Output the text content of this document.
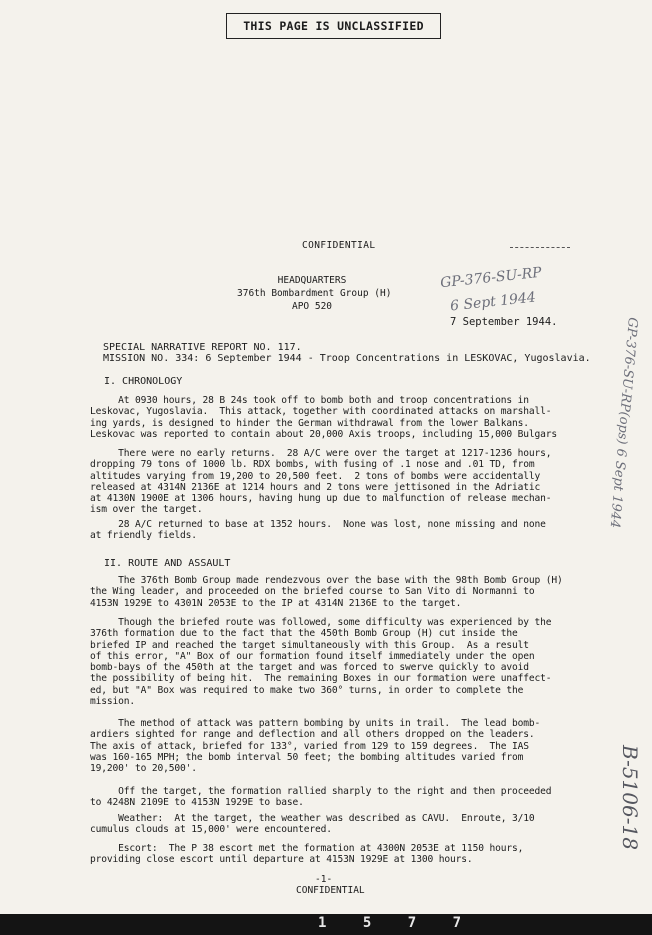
THIS PAGE IS UNCLASSIFIED
CONFIDENTIAL
HEADQUARTERS
376th Bombardment Group (H)
APO 520
GP-376-SU-RP
6 Sept 1944
7 September 1944.
SPECIAL NARRATIVE REPORT NO. 117.
MISSION NO. 334: 6 September 1944 - Troop Concentrations in LESKOVAC, Yugoslavia.
I. CHRONOLOGY
At 0930 hours, 28 B 24s took off to bomb both and troop concentrations in
Leskovac, Yugoslavia.  This attack, together with coordinated attacks on marshall-
ing yards, is designed to hinder the German withdrawal from the lower Balkans.
Leskovac was reported to contain about 20,000 Axis troops, including 15,000 Bulgars
There were no early returns.  28 A/C were over the target at 1217-1236 hours,
dropping 79 tons of 1000 lb. RDX bombs, with fusing of .1 nose and .01 TD, from
altitudes varying from 19,200 to 20,500 feet.  2 tons of bombs were accidentally
released at 4314N 2136E at 1214 hours and 2 tons were jettisoned in the Adriatic
at 4130N 1900E at 1306 hours, having hung up due to malfunction of release mechan-
ism over the target.
28 A/C returned to base at 1352 hours.  None was lost, none missing and none
at friendly fields.
II. ROUTE AND ASSAULT
The 376th Bomb Group made rendezvous over the base with the 98th Bomb Group (H)
the Wing leader, and proceeded on the briefed course to San Vito di Normanni to
4153N 1929E to 4301N 2053E to the IP at 4314N 2136E to the target.
Though the briefed route was followed, some difficulty was experienced by the
376th formation due to the fact that the 450th Bomb Group (H) cut inside the
briefed IP and reached the target simultaneously with this Group.  As a result
of this error, "A" Box of our formation found itself immediately under the open
bomb-bays of the 450th at the target and was forced to swerve quickly to avoid
the possibility of being hit.  The remaining Boxes in our formation were unaffect-
ed, but "A" Box was required to make two 360° turns, in order to complete the
mission.
The method of attack was pattern bombing by units in trail.  The lead bomb-
ardiers sighted for range and deflection and all others dropped on the leaders.
The axis of attack, briefed for 133°, varied from 129 to 159 degrees.  The IAS
was 160-165 MPH; the bomb interval 50 feet; the bombing altitudes varied from
19,200' to 20,500'.
Off the target, the formation rallied sharply to the right and then proceeded
to 4248N 2109E to 4153N 1929E to base.
Weather:  At the target, the weather was described as CAVU.  Enroute, 3/10
cumulus clouds at 15,000' were encountered.
Escort:  The P 38 escort met the formation at 4300N 2053E at 1150 hours,
providing close escort until departure at 4153N 1929E at 1300 hours.
-1-
CONFIDENTIAL
GP-376-SU-RP(ops) 6 Sept 1944
B-5106-18
1 5 7 7
